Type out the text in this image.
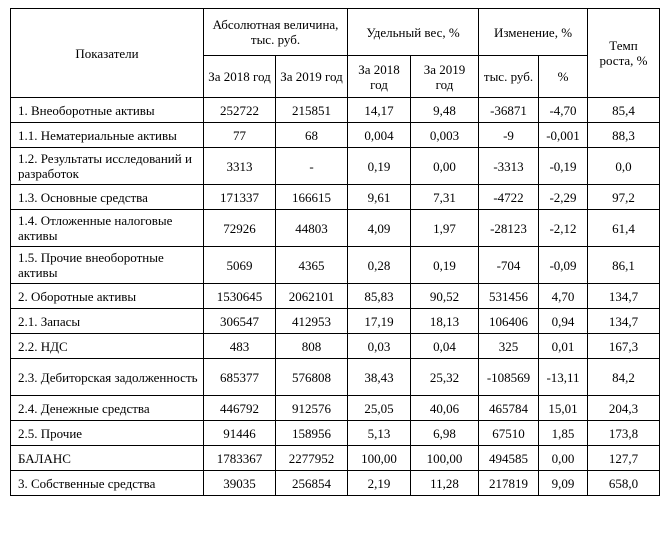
Показатели	Абсолютная величина, тыс. руб.		Удельный вес, %		Изменение, %		Темп роста, %
	За 2018 год	За 2019 год	За 2018 год	За 2019 год	тыс. руб.	%	
1. Внеоборотные активы	252722	215851	14,17	9,48	-36871	-4,70	85,4
1.1. Нематериальные активы	77	68	0,004	0,003	-9	-0,001	88,3
1.2. Результаты исследований и разработок	3313	-	0,19	0,00	-3313	-0,19	0,0
1.3. Основные средства	171337	166615	9,61	7,31	-4722	-2,29	97,2
1.4. Отложенные налоговые активы	72926	44803	4,09	1,97	-28123	-2,12	61,4
1.5. Прочие внеоборотные активы	5069	4365	0,28	0,19	-704	-0,09	86,1
2. Оборотные активы	1530645	2062101	85,83	90,52	531456	4,70	134,7
2.1. Запасы	306547	412953	17,19	18,13	106406	0,94	134,7
2.2. НДС	483	808	0,03	0,04	325	0,01	167,3
2.3. Дебиторская задолженность	685377	576808	38,43	25,32	-108569	-13,11	84,2
2.4. Денежные средства	446792	912576	25,05	40,06	465784	15,01	204,3
2.5. Прочие	91446	158956	5,13	6,98	67510	1,85	173,8
БАЛАНС	1783367	2277952	100,00	100,00	494585	0,00	127,7
3. Собственные средства	39035	256854	2,19	11,28	217819	9,09	658,0
